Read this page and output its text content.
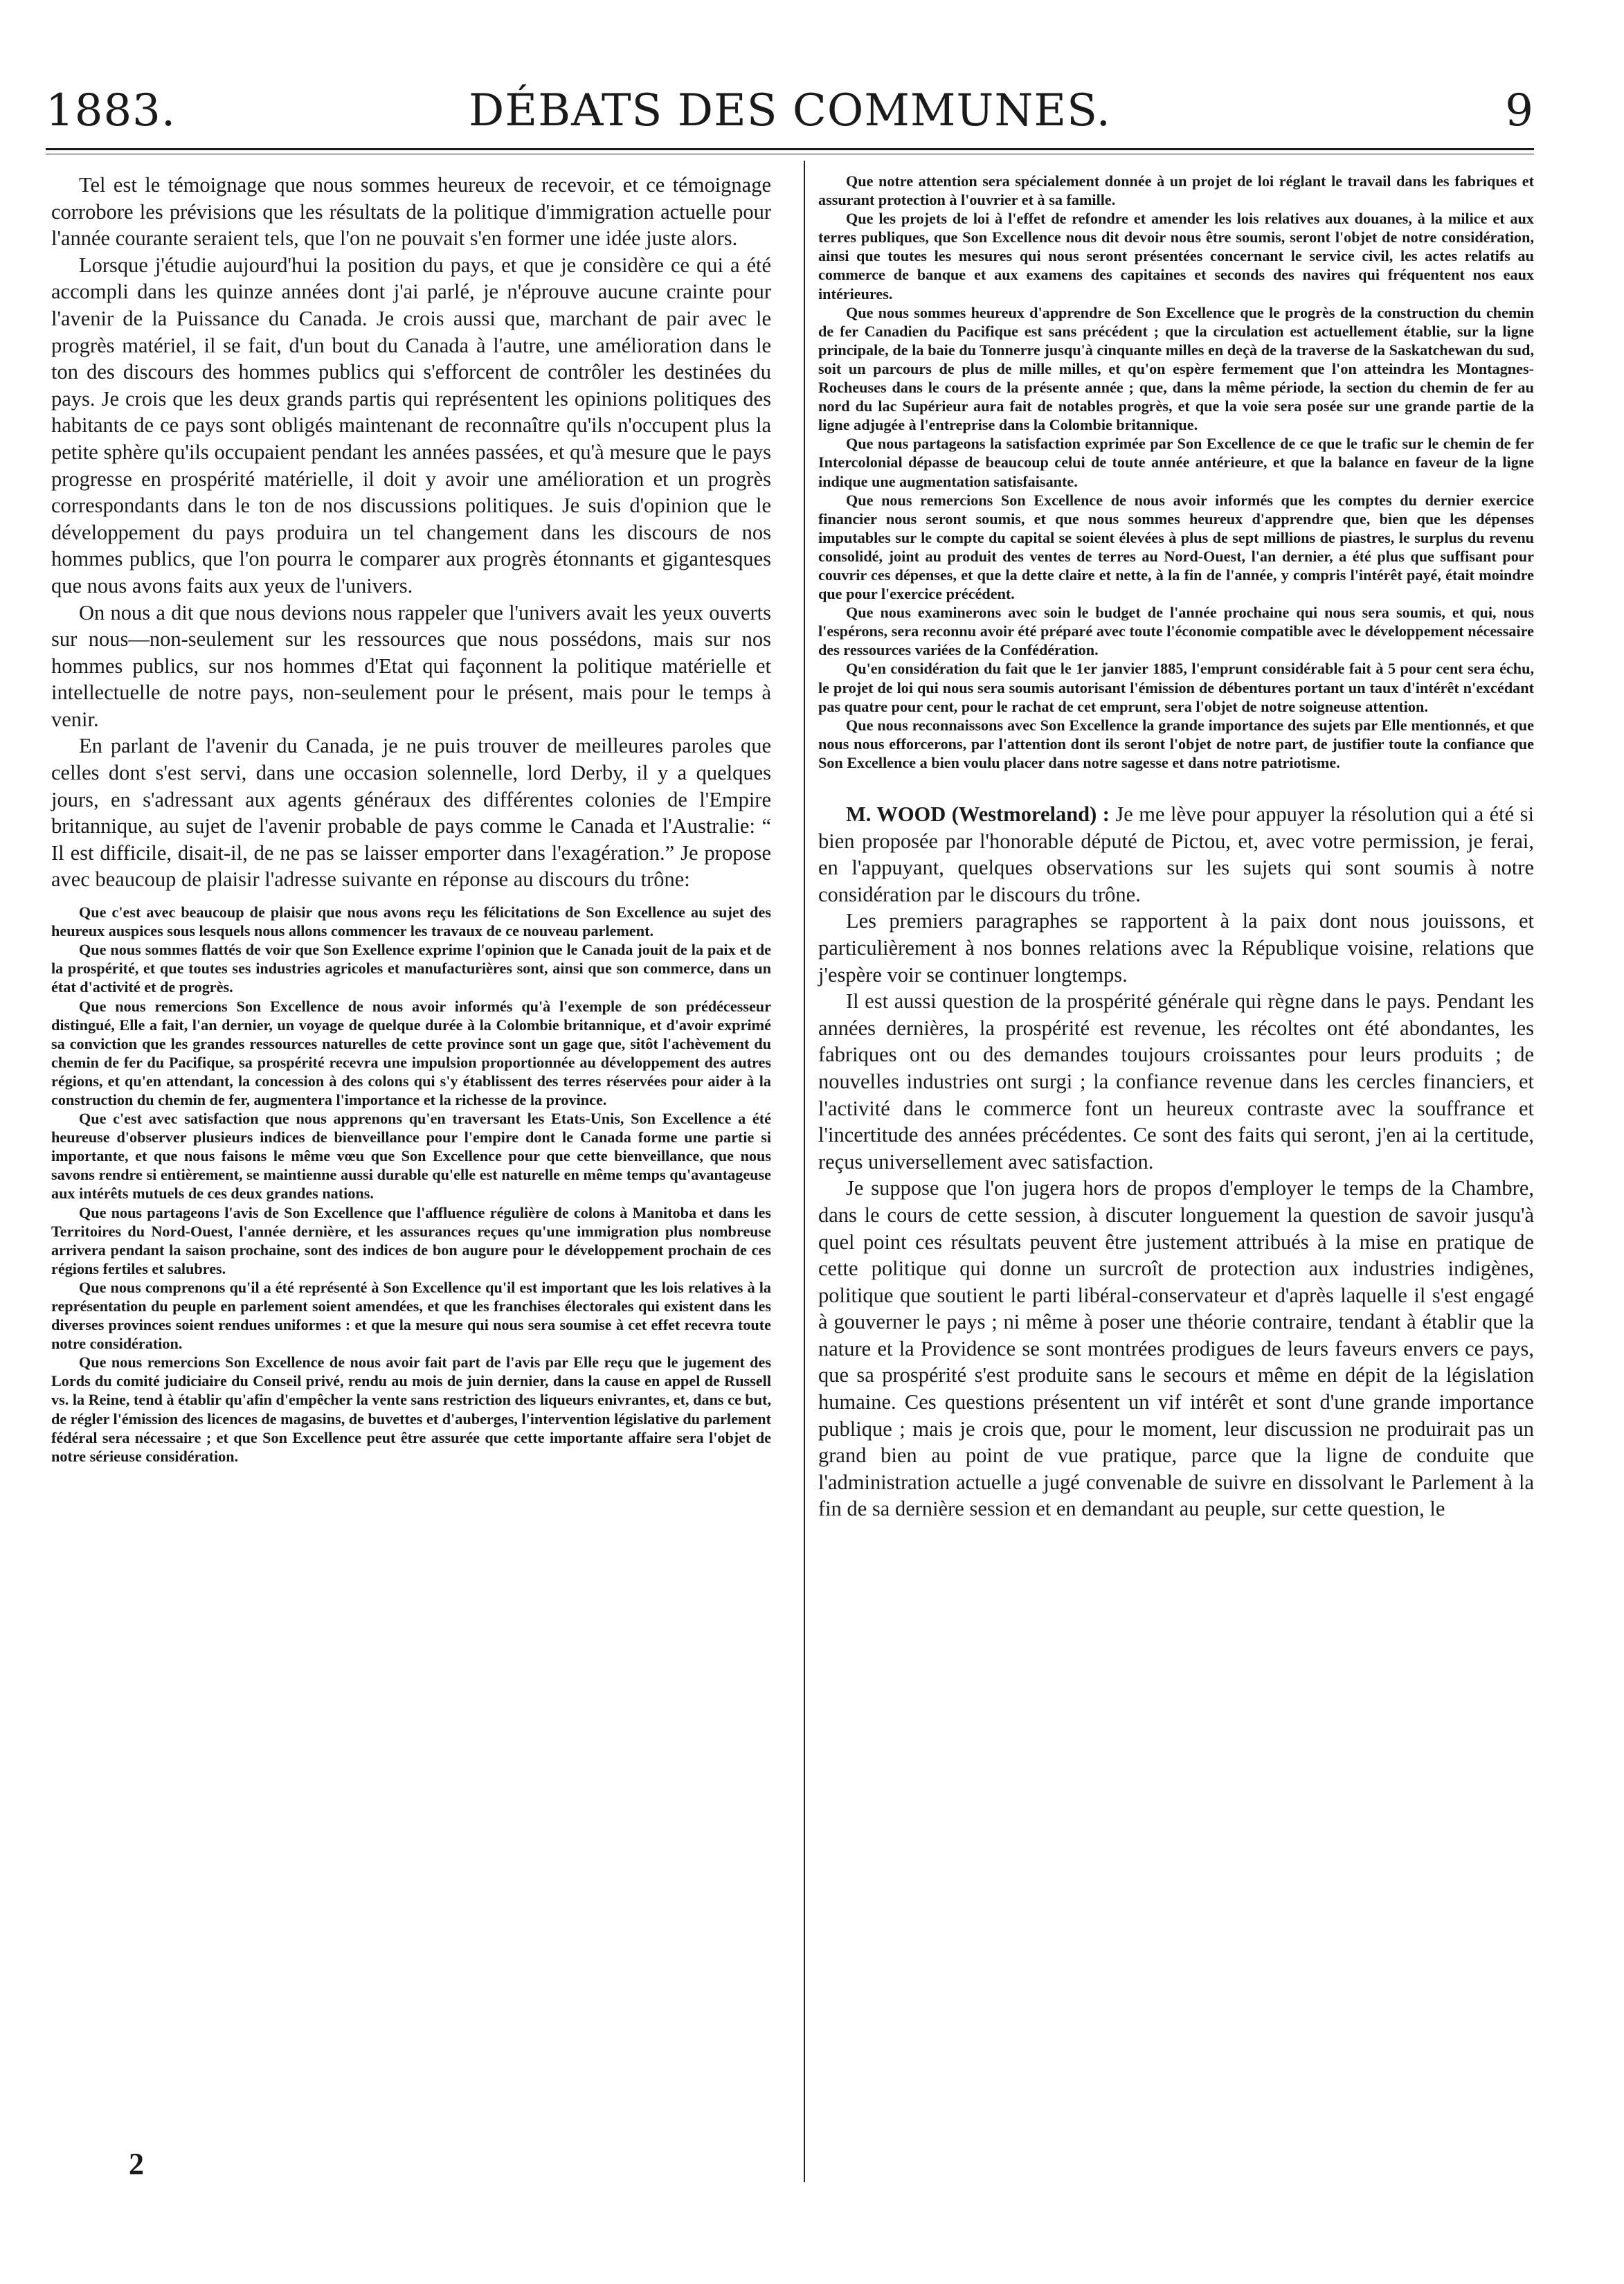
1883.	DÉBATS DES COMMUNES.	9

Tel est le témoignage que nous sommes heureux de recevoir, et ce témoignage corrobore les prévisions que les résultats de la politique d'immigration actuelle pour l'année courante seraient tels, que l'on ne pouvait s'en former une idée juste alors.

Lorsque j'étudie aujourd'hui la position du pays, et que je considère ce qui a été accompli dans les quinze années dont j'ai parlé, je n'éprouve aucune crainte pour l'avenir de la Puissance du Canada. Je crois aussi que, marchant de pair avec le progrès matériel, il se fait, d'un bout du Canada à l'autre, une amélioration dans le ton des discours des hommes publics qui s'efforcent de contrôler les destinées du pays. Je crois que les deux grands partis qui représentent les opinions politiques des habitants de ce pays sont obligés maintenant de reconnaître qu'ils n'occupent plus la petite sphère qu'ils occupaient pendant les années passées, et qu'à mesure que le pays progresse en prospérité matérielle, il doit y avoir une amélioration et un progrès correspondants dans le ton de nos discussions politiques. Je suis d'opinion que le développement du pays produira un tel changement dans les discours de nos hommes publics, que l'on pourra le comparer aux progrès étonnants et gigantesques que nous avons faits aux yeux de l'univers.

On nous a dit que nous devions nous rappeler que l'univers avait les yeux ouverts sur nous—non-seulement sur les ressources que nous possédons, mais sur nos hommes publics, sur nos hommes d'Etat qui façonnent la politique matérielle et intellectuelle de notre pays, non-seulement pour le présent, mais pour le temps à venir.

En parlant de l'avenir du Canada, je ne puis trouver de meilleures paroles que celles dont s'est servi, dans une occasion solennelle, lord Derby, il y a quelques jours, en s'adressant aux agents généraux des différentes colonies de l'Empire britannique, au sujet de l'avenir probable de pays comme le Canada et l'Australie: “ Il est difficile, disait-il, de ne pas se laisser emporter dans l'exagération.” Je propose avec beaucoup de plaisir l'adresse suivante en réponse au discours du trône:

Que c'est avec beaucoup de plaisir que nous avons reçu les félicitations de Son Excellence au sujet des heureux auspices sous lesquels nous allons commencer les travaux de ce nouveau parlement.

Que nous sommes flattés de voir que Son Exellence exprime l'opinion que le Canada jouit de la paix et de la prospérité, et que toutes ses industries agricoles et manufacturières sont, ainsi que son commerce, dans un état d'activité et de progrès.

Que nous remercions Son Excellence de nous avoir informés qu'à l'exemple de son prédécesseur distingué, Elle a fait, l'an dernier, un voyage de quelque durée à la Colombie britannique, et d'avoir exprimé sa conviction que les grandes ressources naturelles de cette province sont un gage que, sitôt l'achèvement du chemin de fer du Pacifique, sa prospérité recevra une impulsion proportionnée au développement des autres régions, et qu'en attendant, la concession à des colons qui s'y établissent des terres réservées pour aider à la construction du chemin de fer, augmentera l'importance et la richesse de la province.

Que c'est avec satisfaction que nous apprenons qu'en traversant les Etats-Unis, Son Excellence a été heureuse d'observer plusieurs indices de bienveillance pour l'empire dont le Canada forme une partie si importante, et que nous faisons le même vœu que Son Excellence pour que cette bienveillance, que nous savons rendre si entièrement, se maintienne aussi durable qu'elle est naturelle en même temps qu'avantageuse aux intérêts mutuels de ces deux grandes nations.

Que nous partageons l'avis de Son Excellence que l'affluence régulière de colons à Manitoba et dans les Territoires du Nord-Ouest, l'année dernière, et les assurances reçues qu'une immigration plus nombreuse arrivera pendant la saison prochaine, sont des indices de bon augure pour le développement prochain de ces régions fertiles et salubres.

Que nous comprenons qu'il a été représenté à Son Excellence qu'il est important que les lois relatives à la représentation du peuple en parlement soient amendées, et que les franchises électorales qui existent dans les diverses provinces soient rendues uniformes : et que la mesure qui nous sera soumise à cet effet recevra toute notre considération.

Que nous remercions Son Excellence de nous avoir fait part de l'avis par Elle reçu que le jugement des Lords du comité judiciaire du Conseil privé, rendu au mois de juin dernier, dans la cause en appel de Russell vs. la Reine, tend à établir qu'afin d'empêcher la vente sans restriction des liqueurs enivrantes, et, dans ce but, de régler l'émission des licences de magasins, de buvettes et d'auberges, l'intervention législative du parlement fédéral sera nécessaire ; et que Son Excellence peut être assurée que cette importante affaire sera l'objet de notre sérieuse considération.

2

Que notre attention sera spécialement donnée à un projet de loi réglant le travail dans les fabriques et assurant protection à l'ouvrier et à sa famille.

Que les projets de loi à l'effet de refondre et amender les lois relatives aux douanes, à la milice et aux terres publiques, que Son Excellence nous dit devoir nous être soumis, seront l'objet de notre considération, ainsi que toutes les mesures qui nous seront présentées concernant le service civil, les actes relatifs au commerce de banque et aux examens des capitaines et seconds des navires qui fréquentent nos eaux intérieures.

Que nous sommes heureux d'apprendre de Son Excellence que le progrès de la construction du chemin de fer Canadien du Pacifique est sans précédent ; que la circulation est actuellement établie, sur la ligne principale, de la baie du Tonnerre jusqu'à cinquante milles en deçà de la traverse de la Saskatchewan du sud, soit un parcours de plus de mille milles, et qu'on espère fermement que l'on atteindra les Montagnes-Rocheuses dans le cours de la présente année ; que, dans la même période, la section du chemin de fer au nord du lac Supérieur aura fait de notables progrès, et que la voie sera posée sur une grande partie de la ligne adjugée à l'entreprise dans la Colombie britannique.

Que nous partageons la satisfaction exprimée par Son Excellence de ce que le trafic sur le chemin de fer Intercolonial dépasse de beaucoup celui de toute année antérieure, et que la balance en faveur de la ligne indique une augmentation satisfaisante.

Que nous remercions Son Excellence de nous avoir informés que les comptes du dernier exercice financier nous seront soumis, et que nous sommes heureux d'apprendre que, bien que les dépenses imputables sur le compte du capital se soient élevées à plus de sept millions de piastres, le surplus du revenu consolidé, joint au produit des ventes de terres au Nord-Ouest, l'an dernier, a été plus que suffisant pour couvrir ces dépenses, et que la dette claire et nette, à la fin de l'année, y compris l'intérêt payé, était moindre que pour l'exercice précédent.

Que nous examinerons avec soin le budget de l'année prochaine qui nous sera soumis, et qui, nous l'espérons, sera reconnu avoir été préparé avec toute l'économie compatible avec le développement nécessaire des ressources variées de la Confédération.

Qu'en considération du fait que le 1er janvier 1885, l'emprunt considérable fait à 5 pour cent sera échu, le projet de loi qui nous sera soumis autorisant l'émission de débentures portant un taux d'intérêt n'excédant pas quatre pour cent, pour le rachat de cet emprunt, sera l'objet de notre soigneuse attention.

Que nous reconnaissons avec Son Excellence la grande importance des sujets par Elle mentionnés, et que nous nous efforcerons, par l'attention dont ils seront l'objet de notre part, de justifier toute la confiance que Son Excellence a bien voulu placer dans notre sagesse et dans notre patriotisme.

M. WOOD (Westmoreland) : Je me lève pour appuyer la résolution qui a été si bien proposée par l'honorable député de Pictou, et, avec votre permission, je ferai, en l'appuyant, quelques observations sur les sujets qui sont soumis à notre considération par le discours du trône.

Les premiers paragraphes se rapportent à la paix dont nous jouissons, et particulièrement à nos bonnes relations avec la République voisine, relations que j'espère voir se continuer longtemps.

Il est aussi question de la prospérité générale qui règne dans le pays. Pendant les années dernières, la prospérité est revenue, les récoltes ont été abondantes, les fabriques ont ou des demandes toujours croissantes pour leurs produits ; de nouvelles industries ont surgi ; la confiance revenue dans les cercles financiers, et l'activité dans le commerce font un heureux contraste avec la souffrance et l'incertitude des années précédentes. Ce sont des faits qui seront, j'en ai la certitude, reçus universellement avec satisfaction.

Je suppose que l'on jugera hors de propos d'employer le temps de la Chambre, dans le cours de cette session, à discuter longuement la question de savoir jusqu'à quel point ces résultats peuvent être justement attribués à la mise en pratique de cette politique qui donne un surcroît de protection aux industries indigènes, politique que soutient le parti libéral-conservateur et d'après laquelle il s'est engagé à gouverner le pays ; ni même à poser une théorie contraire, tendant à établir que la nature et la Providence se sont montrées prodigues de leurs faveurs envers ce pays, que sa prospérité s'est produite sans le secours et même en dépit de la législation humaine. Ces questions présentent un vif intérêt et sont d'une grande importance publique ; mais je crois que, pour le moment, leur discussion ne produirait pas un grand bien au point de vue pratique, parce que la ligne de conduite que l'administration actuelle a jugé convenable de suivre en dissolvant le Parlement à la fin de sa dernière session et en demandant au peuple, sur cette question, le
